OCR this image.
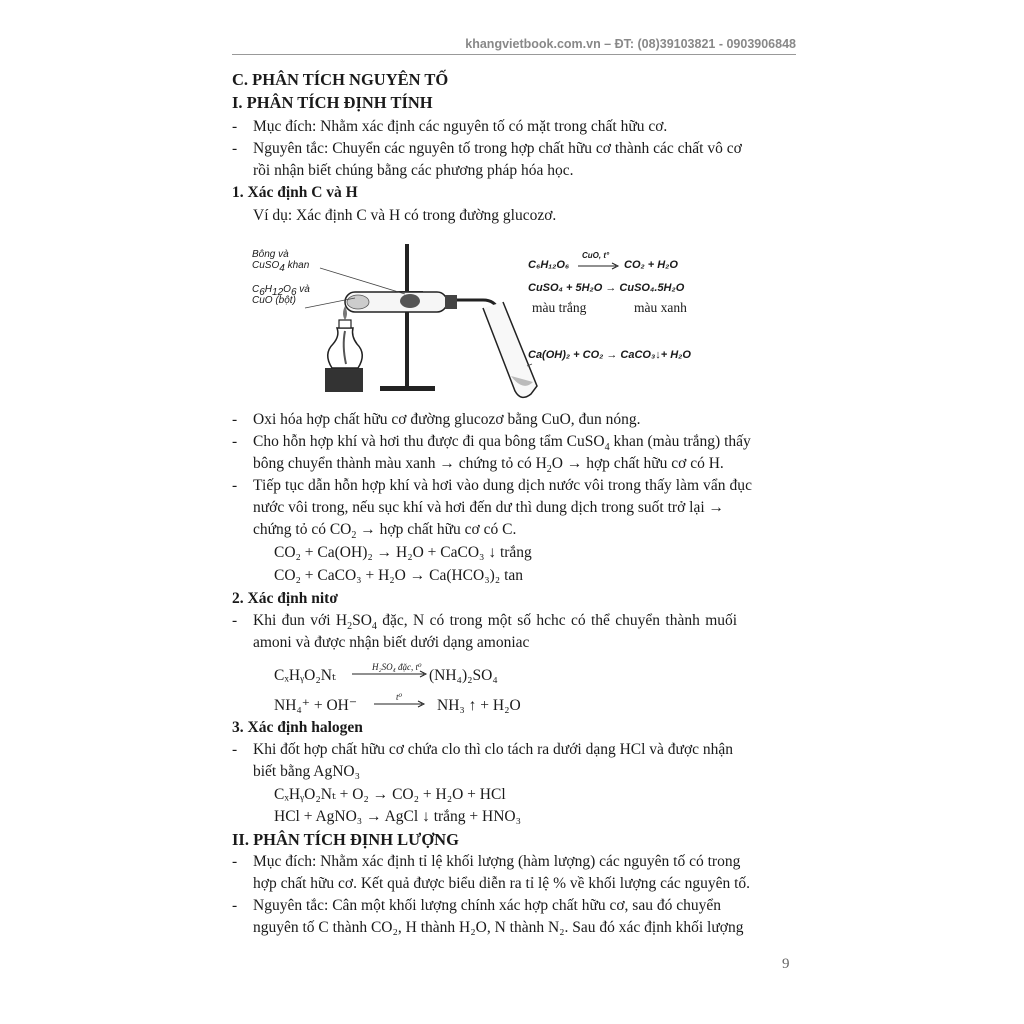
khangvietbook.com.vn – ĐT: (08)39103821 - 0903906848
C. PHÂN TÍCH NGUYÊN TỐ
I. PHÂN TÍCH ĐỊNH TÍNH
- Mục đích: Nhằm xác định các nguyên tố có mặt trong chất hữu cơ.
- Nguyên tắc: Chuyển các nguyên tố trong hợp chất hữu cơ thành các chất vô cơ
rồi nhận biết chúng bằng các phương pháp hóa học.
1. Xác định C và H
Ví dụ: Xác định C và H có trong đường glucozơ.
Bông và
CuSO$_4$ khan
$C_6H_{12}O_6$ và
CuO (bột)
C₆H₁₂O₆
CuO, t°
→ CO₂ + H₂O
CuSO₄ + 5H₂O → CuSO₄.5H₂O
màu trắng	màu xanh
Ca(OH)₂ + CO₂ → CaCO₃↓+ H₂O
- Oxi hóa hợp chất hữu cơ đường glucozơ bằng CuO, đun nóng.
- Cho hỗn hợp khí và hơi thu được đi qua bông tẩm CuSO$_4$ khan (màu trắng) thấy
bông chuyển thành màu xanh → chứng tỏ có $H_2O$ → hợp chất hữu cơ có H.
- Tiếp tục dẫn hỗn hợp khí và hơi vào dung dịch nước vôi trong thấy làm vẩn đục
nước vôi trong, nếu sục khí và hơi đến dư thì dung dịch trong suốt trở lại →
chứng tỏ có $CO_2$ → hợp chất hữu cơ có C.
CO₂ + Ca(OH)₂ → H₂O + CaCO₃ ↓ trắng
CO₂ + CaCO₃ + H₂O → Ca(HCO₃)₂ tan
2. Xác định nitơ
- Khi đun với $H_2SO_4$ đặc, N có trong một số hchc có thể chuyển thành muối
amoni và được nhận biết dưới dạng amoniac
CₓHᵧO₂Nₜ	H₂SO₄ đặc, t⁰ (NH₄)₂SO₄
NH₄⁺ + OH⁻	t⁰ NH₃ ↑ + H₂O
3. Xác định halogen
- Khi đốt hợp chất hữu cơ chứa clo thì clo tách ra dưới dạng HCl và được nhận
biết bằng AgNO₃
CₓHᵧO₂Nₜ + O₂ → CO₂ + H₂O + HCl
HCl + AgNO₃ → AgCl ↓ trắng + HNO₃
II. PHÂN TÍCH ĐỊNH LƯỢNG
- Mục đích: Nhằm xác định tỉ lệ khối lượng (hàm lượng) các nguyên tố có trong
hợp chất hữu cơ. Kết quả được biểu diễn ra tỉ lệ % về khối lượng các nguyên tố.
- Nguyên tắc: Cân một khối lượng chính xác hợp chất hữu cơ, sau đó chuyển
nguyên tố C thành CO₂, H thành H₂O, N thành N₂. Sau đó xác định khối lượng
9
